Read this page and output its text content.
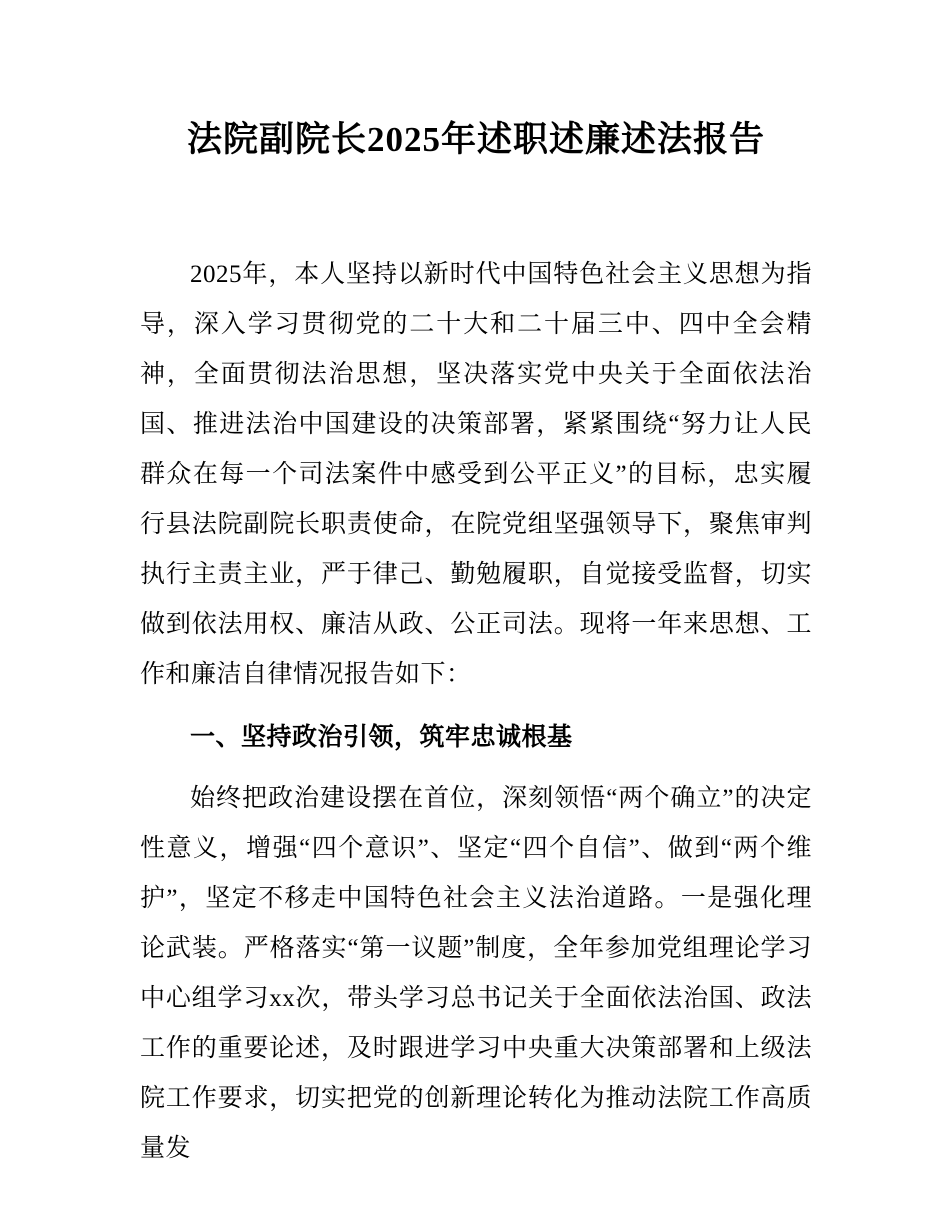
法院副院长2025年述职述廉述法报告

2025年，本人坚持以新时代中国特色社会主义思想为指导，深入学习贯彻党的二十大和二十届三中、四中全会精神，全面贯彻法治思想，坚决落实党中央关于全面依法治国、推进法治中国建设的决策部署，紧紧围绕“努力让人民群众在每一个司法案件中感受到公平正义”的目标，忠实履行县法院副院长职责使命，在院党组坚强领导下，聚焦审判执行主责主业，严于律己、勤勉履职，自觉接受监督，切实做到依法用权、廉洁从政、公正司法。现将一年来思想、工作和廉洁自律情况报告如下：

一、坚持政治引领，筑牢忠诚根基

始终把政治建设摆在首位，深刻领悟“两个确立”的决定性意义，增强“四个意识”、坚定“四个自信”、做到“两个维护”，坚定不移走中国特色社会主义法治道路。一是强化理论武装。严格落实“第一议题”制度，全年参加党组理论学习中心组学习xx次，带头学习总书记关于全面依法治国、政法工作的重要论述，及时跟进学习中央重大决策部署和上级法院工作要求，切实把党的创新理论转化为推动法院工作高质量发
